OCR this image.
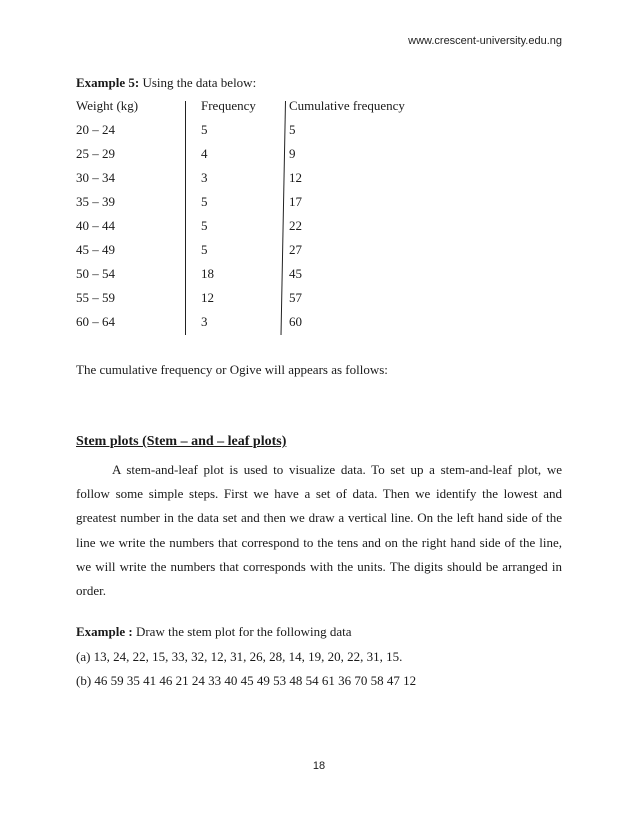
www.crescent-university.edu.ng
Example 5: Using the data below:
Weight (kg)	Frequency	Cumulative frequency
20 – 24	5	5
25 – 29	4	9
30 – 34	3	12
35 – 39	5	17
40 – 44	5	22
45 – 49	5	27
50 – 54	18	45
55 – 59	12	57
60 – 64	3	60
The cumulative frequency or Ogive will appears as follows:
Stem plots (Stem – and – leaf plots)
A stem-and-leaf plot is used to visualize data. To set up a stem-and-leaf plot, we follow some simple steps. First we have a set of data. Then we identify the lowest and greatest number in the data set and then we draw a vertical line. On the left hand side of the line we write the numbers that correspond to the tens and on the right hand side of the line, we will write the numbers that corresponds with the units. The digits should be arranged in order.
Example : Draw the stem plot for the following data
(a) 13, 24, 22, 15, 33, 32, 12, 31, 26, 28, 14, 19, 20, 22, 31, 15.
(b) 46 59 35 41 46 21 24 33 40 45 49 53 48 54 61 36 70 58 47 12
18
